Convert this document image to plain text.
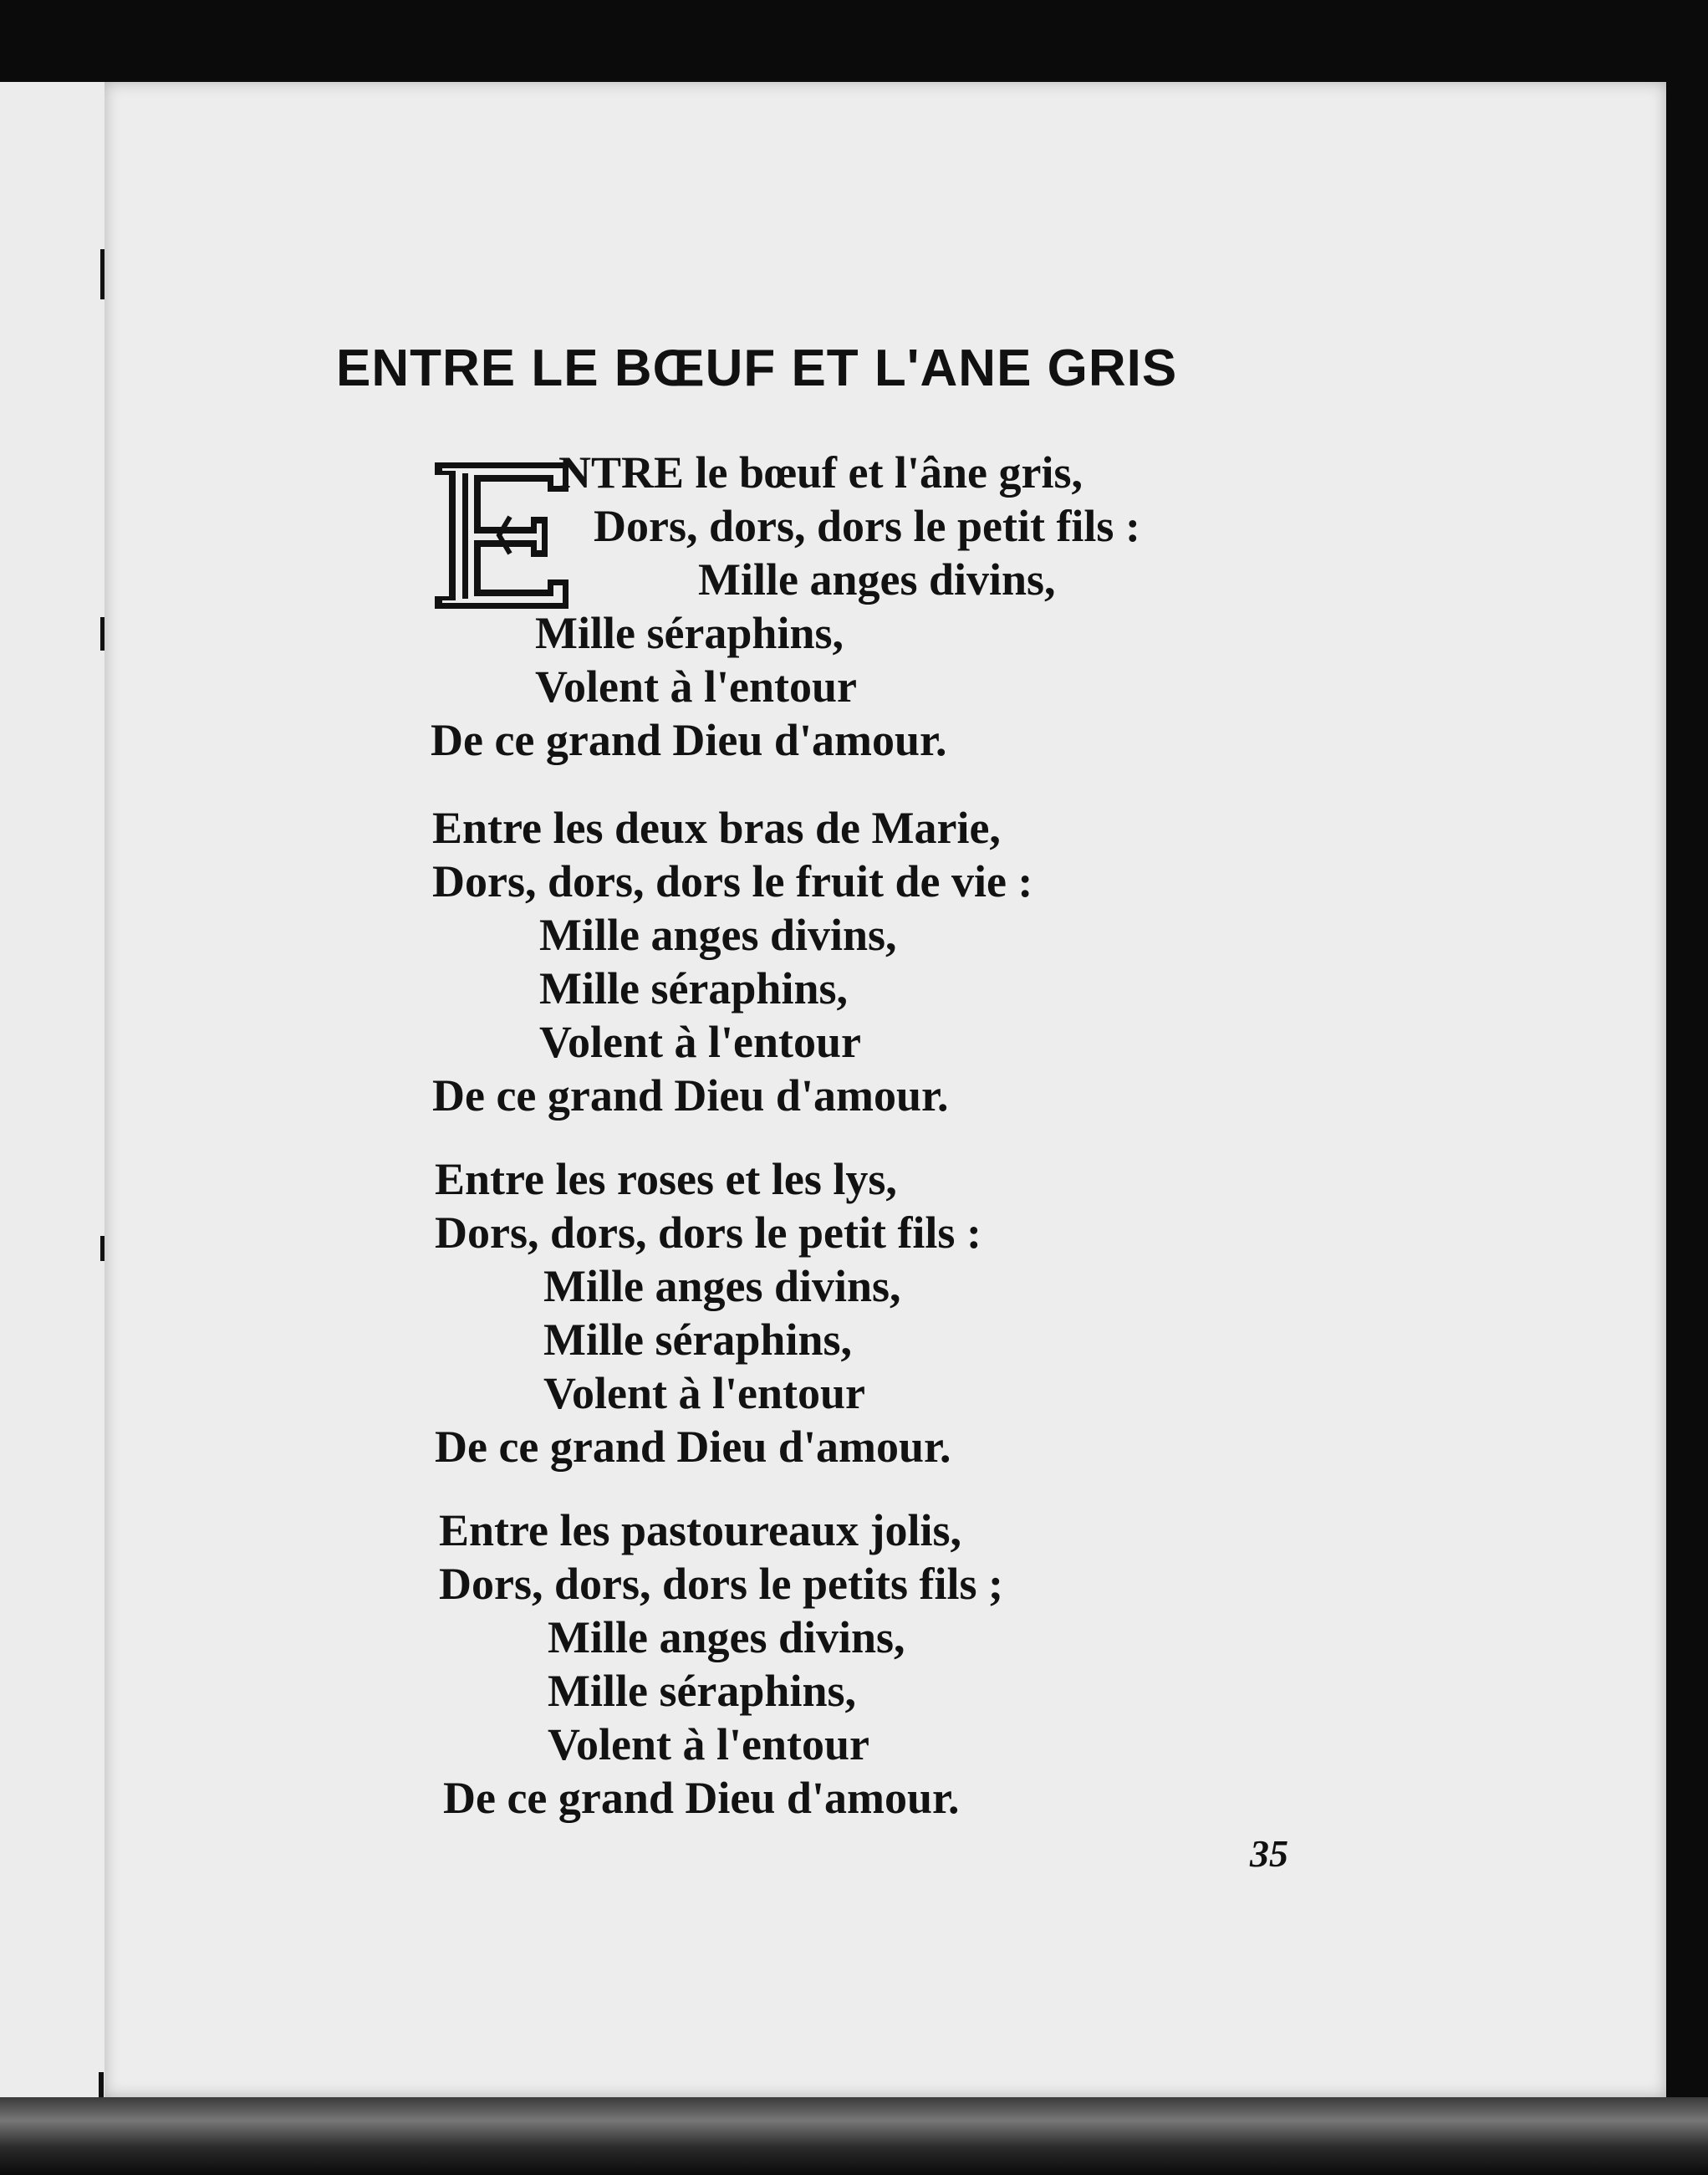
ENTRE LE BŒUF ET L'ANE GRIS
NTRE le bœuf et l'âne gris,
Dors, dors, dors le petit fils :
Mille anges divins,
Mille séraphins,
Volent à l'entour
De ce grand Dieu d'amour.
Entre les deux bras de Marie,
Dors, dors, dors le fruit de vie :
Mille anges divins,
Mille séraphins,
Volent à l'entour
De ce grand Dieu d'amour.
Entre les roses et les lys,
Dors, dors, dors le petit fils :
Mille anges divins,
Mille séraphins,
Volent à l'entour
De ce grand Dieu d'amour.
Entre les pastoureaux jolis,
Dors, dors, dors le petits fils ;
Mille anges divins,
Mille séraphins,
Volent à l'entour
De ce grand Dieu d'amour.
35
